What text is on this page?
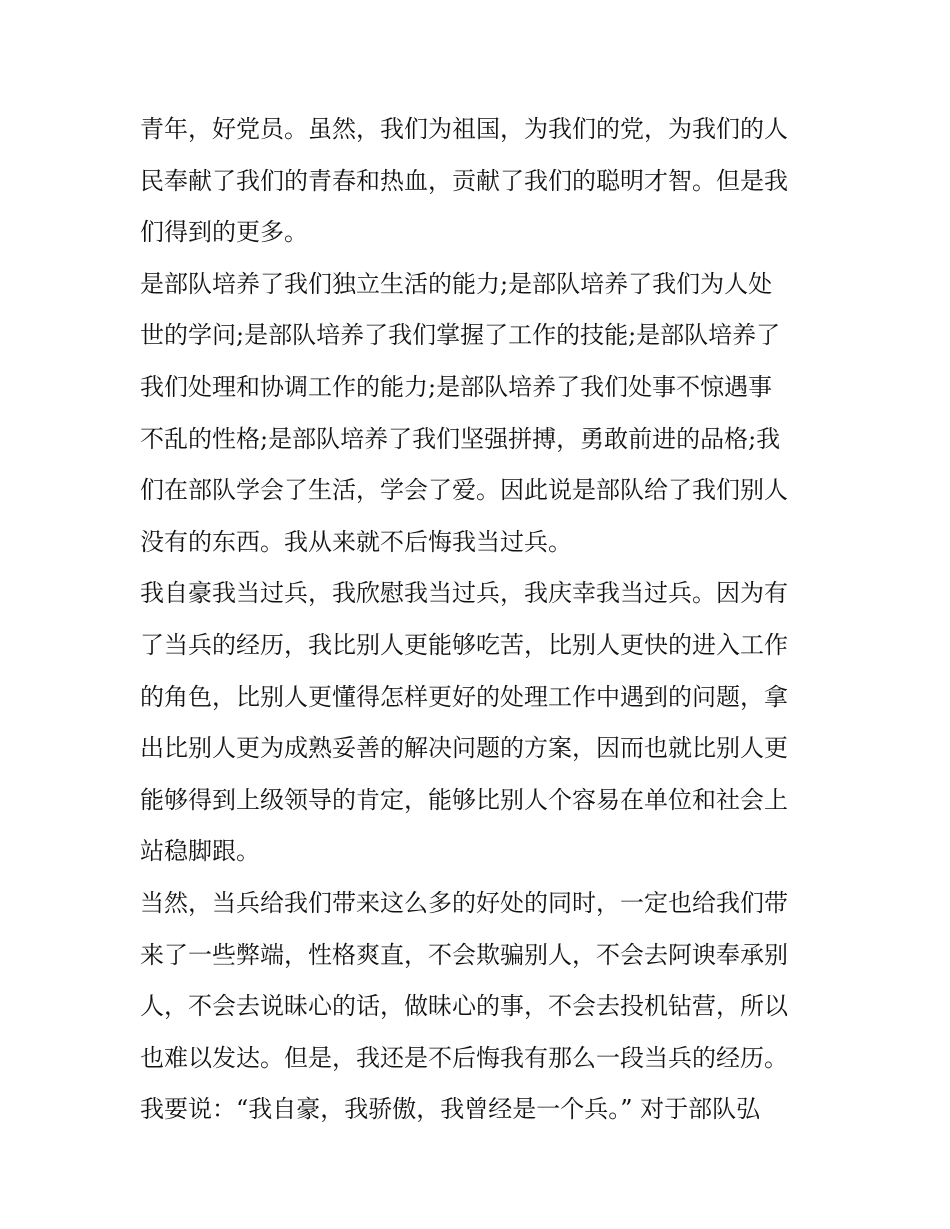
青年，好党员。虽然，我们为祖国，为我们的党，为我们的人
民奉献了我们的青春和热血，贡献了我们的聪明才智。但是我
们得到的更多。
是部队培养了我们独立生活的能力;是部队培养了我们为人处
世的学问;是部队培养了我们掌握了工作的技能;是部队培养了
我们处理和协调工作的能力;是部队培养了我们处事不惊遇事
不乱的性格;是部队培养了我们坚强拼搏，勇敢前进的品格;我
们在部队学会了生活，学会了爱。因此说是部队给了我们别人
没有的东西。我从来就不后悔我当过兵。
我自豪我当过兵，我欣慰我当过兵，我庆幸我当过兵。因为有
了当兵的经历，我比别人更能够吃苦，比别人更快的进入工作
的角色，比别人更懂得怎样更好的处理工作中遇到的问题，拿
出比别人更为成熟妥善的解决问题的方案，因而也就比别人更
能够得到上级领导的肯定，能够比别人个容易在单位和社会上
站稳脚跟。
当然，当兵给我们带来这么多的好处的同时，一定也给我们带
来了一些弊端，性格爽直，不会欺骗别人，不会去阿谀奉承别
人，不会去说昧心的话，做昧心的事，不会去投机钻营，所以
也难以发达。但是，我还是不后悔我有那么一段当兵的经历。
我要说：“我自豪，我骄傲，我曾经是一个兵。” 对于部队弘
